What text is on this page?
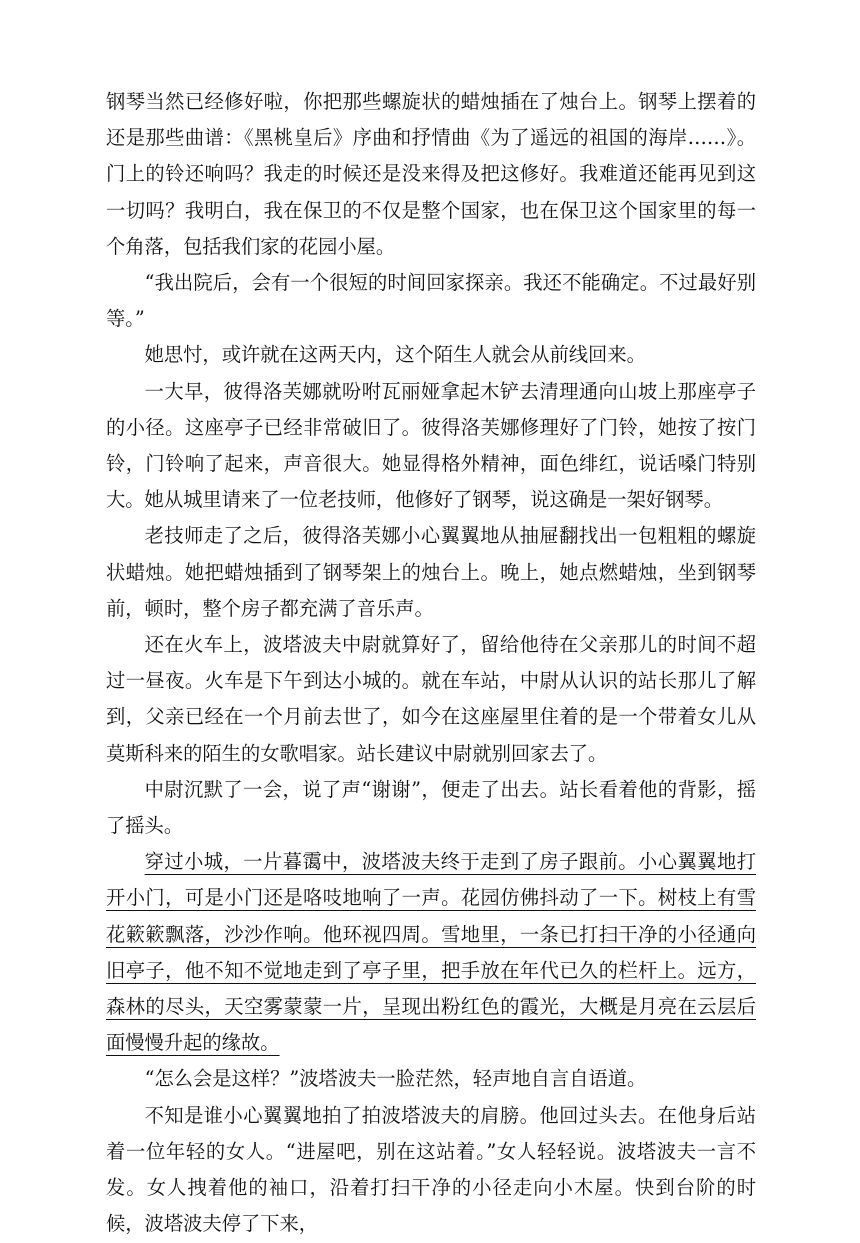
钢琴当然已经修好啦，你把那些螺旋状的蜡烛插在了烛台上。钢琴上摆着的还是那些曲谱：《黑桃皇后》序曲和抒情曲《为了遥远的祖国的海岸……》。门上的铃还响吗？我走的时候还是没来得及把这修好。我难道还能再见到这一切吗？我明白，我在保卫的不仅是整个国家，也在保卫这个国家里的每一个角落，包括我们家的花园小屋。

“我出院后，会有一个很短的时间回家探亲。我还不能确定。不过最好别等。”

她思忖，或许就在这两天内，这个陌生人就会从前线回来。

一大早，彼得洛芙娜就吩咐瓦丽娅拿起木铲去清理通向山坡上那座亭子的小径。这座亭子已经非常破旧了。彼得洛芙娜修理好了门铃，她按了按门铃，门铃响了起来，声音很大。她显得格外精神，面色绯红，说话嗓门特别大。她从城里请来了一位老技师，他修好了钢琴，说这确是一架好钢琴。

老技师走了之后，彼得洛芙娜小心翼翼地从抽屉翻找出一包粗粗的螺旋状蜡烛。她把蜡烛插到了钢琴架上的烛台上。晚上，她点燃蜡烛，坐到钢琴前，顿时，整个房子都充满了音乐声。

还在火车上，波塔波夫中尉就算好了，留给他待在父亲那儿的时间不超过一昼夜。火车是下午到达小城的。就在车站，中尉从认识的站长那儿了解到，父亲已经在一个月前去世了，如今在这座屋里住着的是一个带着女儿从莫斯科来的陌生的女歌唱家。站长建议中尉就别回家去了。

中尉沉默了一会，说了声“谢谢”，便走了出去。站长看着他的背影，摇了摇头。

穿过小城，一片暮霭中，波塔波夫终于走到了房子跟前。小心翼翼地打开小门，可是小门还是咯吱地响了一声。花园仿佛抖动了一下。树枝上有雪花簌簌飘落，沙沙作响。他环视四周。雪地里，一条已打扫干净的小径通向旧亭子，他不知不觉地走到了亭子里，把手放在年代已久的栏杆上。远方，森林的尽头，天空雾蒙蒙一片，呈现出粉红色的霞光，大概是月亮在云层后面慢慢升起的缘故。

“怎么会是这样？”波塔波夫一脸茫然，轻声地自言自语道。

不知是谁小心翼翼地拍了拍波塔波夫的肩膀。他回过头去。在他身后站着一位年轻的女人。“进屋吧，别在这站着。”女人轻轻说。波塔波夫一言不发。女人拽着他的袖口，沿着打扫干净的小径走向小木屋。快到台阶的时候，波塔波夫停了下来，
